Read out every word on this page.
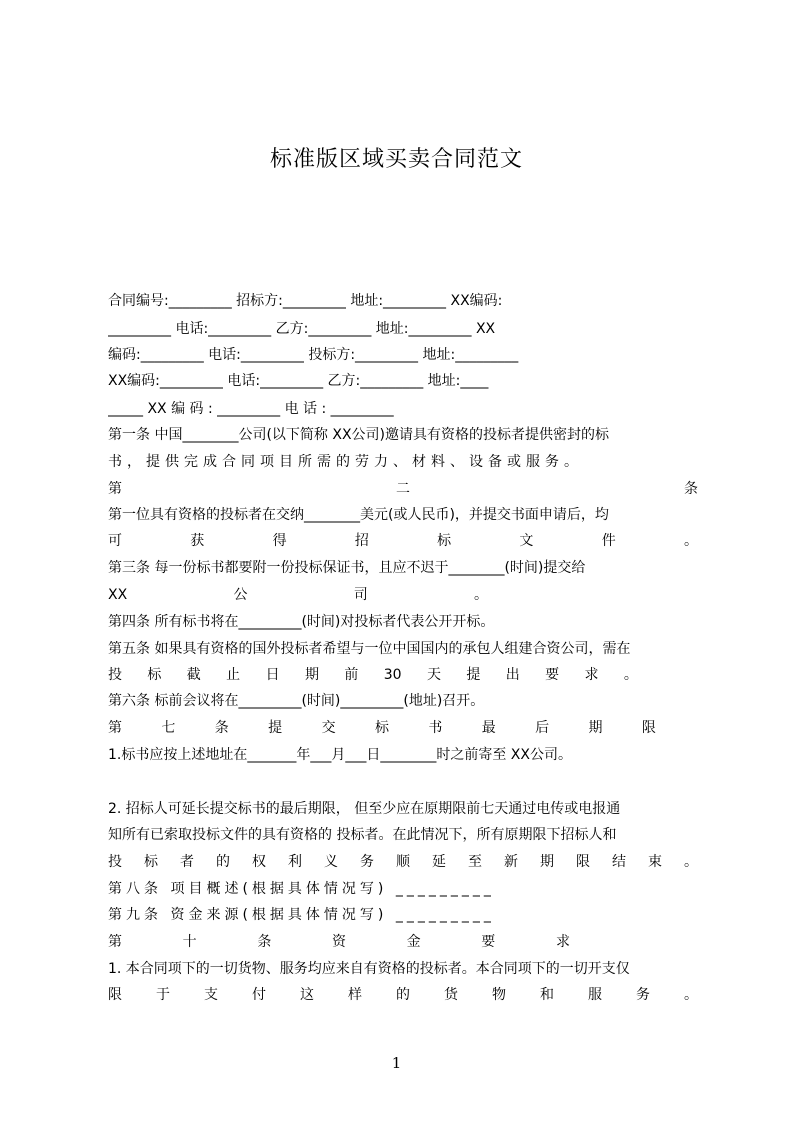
标准版区域买卖合同范文
合同编号:_________ 招标方:_________ 地址:_________ XX编码:
_________ 电话:_________ 乙方:_________ 地址:_________ XX
编码:_________ 电话:_________ 投标方:_________ 地址:_________
XX编码:_________ 电话:_________ 乙方:_________ 地址:____
_____ XX 编 码 : _________ 电 话 : _________
第一条 中国________公司(以下简称 XX公司)邀请具有资格的投标者提供密封的标
书，提供完成合同项目所需的劳力、材料、设备或服务。
第	二	条
第一位具有资格的投标者在交纳________美元(或人民币)，并提交书面申请后，均
可	获	得	招	标	文	件	。
第三条 每一份标书都要附一份投标保证书，且应不迟于________(时间)提交给
XX	公	司	。
第四条 所有标书将在_________(时间)对投标者代表公开开标。
第五条 如果具有资格的国外投标者希望与一位中国国内的承包人组建合资公司，需在
投 标 截 止 日 期 前 30 天 提 出 要 求 。
第六条 标前会议将在_________(时间)_________(地址)召开。
第	七	条	提	交	标	书	最	后	期	限
1.标书应按上述地址在_______年___月___日________时之前寄至 XX公司。
2. 招标人可延长提交标书的最后期限， 但至少应在原期限前七天通过电传或电报通
知所有已索取投标文件的具有资格的 投标者。在此情况下，所有原期限下招标人和
投 标 者 的 权 利 义 务 顺 延 至 新 期 限 结 束 。
第八条 项目概述(根据具体情况写) _________
第九条 资金来源(根据具体情况写) _________
第	十	条	资	金	要	求
1. 本合同项下的一切货物、服务均应来自有资格的投标者。本合同项下的一切开支仅
限 于 支 付 这 样 的 货 物 和 服 务 。
1
